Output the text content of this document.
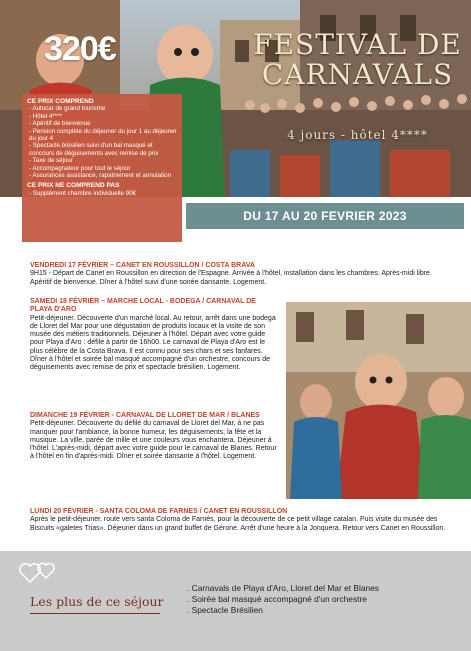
320€	FESTIVAL DE
CARNAVALS
4 jours - hôtel 4****
CE PRIX COMPREND
- Autocar de grand tourisme
- Hôtel 4****
- Apéritif de bienvenue
- Pension complète du déjeuner du jour 1 au déjeuner du jour 4
- Spectacle brésilien suivi d'un bal masqué et concours de déguisements avec remise de prix
- Taxe de séjour
- Accompagnateur pour tout le séjour
- Assurances assistance, rapatriement et annulation
CE PRIX NE COMPREND PAS
- Supplément chambre individuelle 90€
DU 17 AU 20 FEVRIER 2023
VENDREDI 17 FÉVRIER – CANET EN ROUSSILLON / COSTA BRAVA
9H15 - Départ de Canet en Roussillon en direction de l'Espagne. Arrivée à l'hôtel, installation dans les chambres. Après-midi libre. Apéritif de bienvenue. Dîner à l'hôtel suivi d'une soirée dansante. Logement.
SAMEDI 18 FÉVRIER – MARCHE LOCAL - BODEGA / CARNAVAL DE PLAYA D'ARO
Petit-déjeuner. Découverte d'un marché local. Au retour, arrêt dans une bodega de Lloret del Mar pour une dégustation de produits locaux et la visite de son musée des métiers traditionnels. Déjeuner à l'hôtel. Départ avec votre guide pour Playa d'Aro : défilé à partir de 16h00. Le carnaval de Playa d'Aro est le plus célèbre de la Costa Brava. Il est connu pour ses chars et ses fanfares. Dîner à l'hôtel et soirée bal masqué accompagné d'un orchestre, concours de déguisements avec remise de prix et spectacle brésilien. Logement.
DIMANCHE 19 FÉVRIER - CARNAVAL DE LLORET DE MAR / BLANES
Petit-déjeuner. Découverte du défilé du carnaval de Lloret del Mar, à ne pas manquer pour l'ambiance, la bonne humeur, les déguisements, la fête et la musique. La ville, parée de mille et une couleurs vous enchantera. Déjeuner à l'hôtel. L'après-midi, départ avec votre guide pour le carnaval de Blanes. Retour à l'hôtel en fin d'après-midi. Dîner et soirée dansante à l'hôtel. Logement.
LUNDI 20 FÉVRIER - SANTA COLOMA DE FARNES / CANET EN ROUSSILLON
Après le petit-déjeuner, route vers santa Coloma de Farnés, pour la découverte de ce petit village catalan. Puis visite du musée des Biscuits «galetes Trias». Déjeuner dans un grand buffet de Gérone. Arrêt d'une heure à la Jonquera. Retour vers Canet en Roussillon.
Les plus de ce séjour
. Carnavals de Playa d'Aro, Lloret del Mar et Blanes
. Soirée bal masqué accompagné d'un orchestre
. Spectacle Brésilien
